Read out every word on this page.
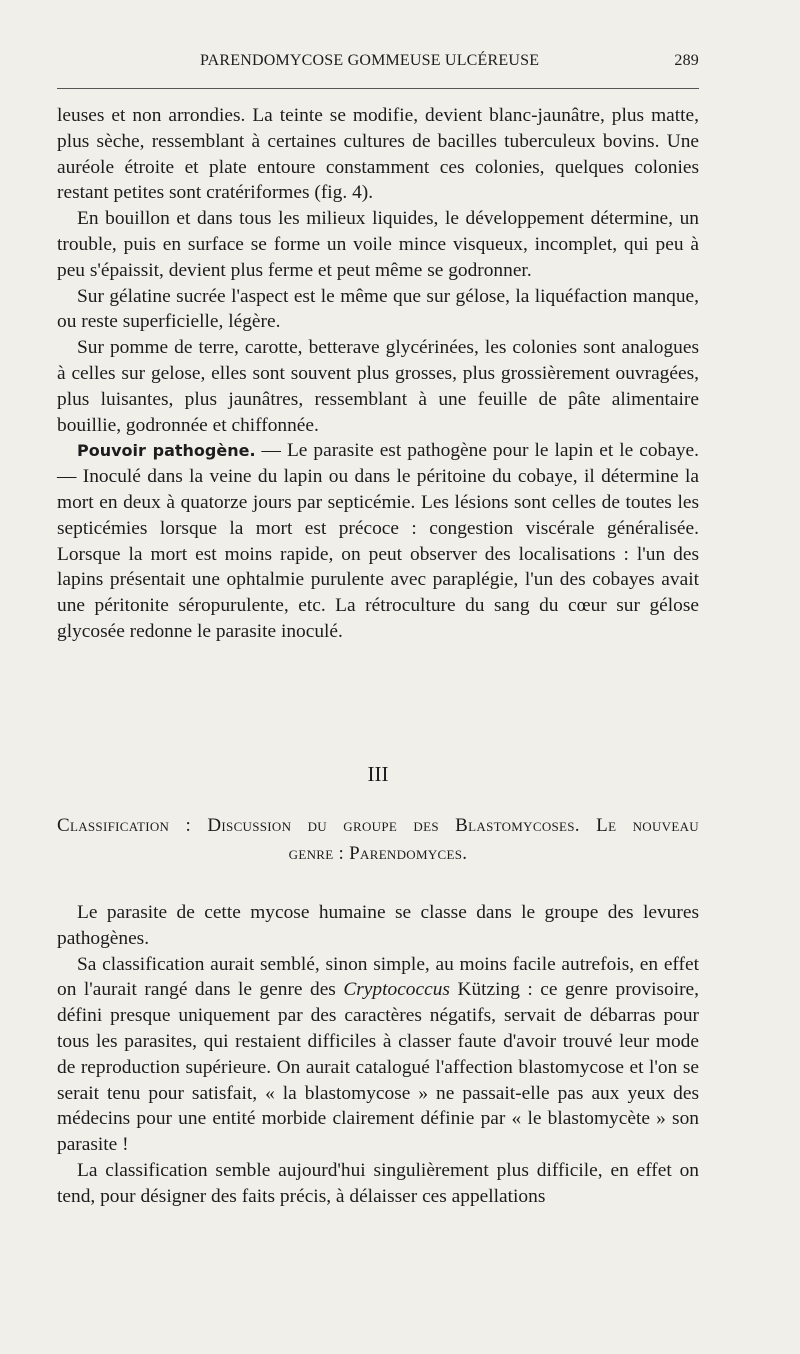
PARENDOMYCOSE GOMMEUSE ULCÉREUSE	289

leuses et non arrondies. La teinte se modifie, devient blanc-jaunâtre, plus matte, plus sèche, ressemblant à certaines cultures de bacilles tuberculeux bovins. Une auréole étroite et plate entoure constamment ces colonies, quelques colonies restant petites sont cratériformes (fig. 4).

En bouillon et dans tous les milieux liquides, le développement détermine, un trouble, puis en surface se forme un voile mince visqueux, incomplet, qui peu à peu s'épaissit, devient plus ferme et peut même se godronner.

Sur gélatine sucrée l'aspect est le même que sur gélose, la liquéfaction manque, ou reste superficielle, légère.

Sur pomme de terre, carotte, betterave glycérinées, les colonies sont analogues à celles sur gelose, elles sont souvent plus grosses, plus grossièrement ouvragées, plus luisantes, plus jaunâtres, ressemblant à une feuille de pâte alimentaire bouillie, godronnée et chiffonnée.

Pouvoir pathogène. — Le parasite est pathogène pour le lapin et le cobaye. — Inoculé dans la veine du lapin ou dans le péritoine du cobaye, il détermine la mort en deux à quatorze jours par septicémie. Les lésions sont celles de toutes les septicémies lorsque la mort est précoce : congestion viscérale généralisée. Lorsque la mort est moins rapide, on peut observer des localisations : l'un des lapins présentait une ophtalmie purulente avec paraplégie, l'un des cobayes avait une péritonite séropurulente, etc. La rétroculture du sang du cœur sur gélose glycosée redonne le parasite inoculé.

III
Classification : Discussion du groupe des Blastomycoses. Le nouveau
genre : Parendomyces.

Le parasite de cette mycose humaine se classe dans le groupe des levures pathogènes.

Sa classification aurait semblé, sinon simple, au moins facile autrefois, en effet on l'aurait rangé dans le genre des Cryptococcus Kützing : ce genre provisoire, défini presque uniquement par des caractères négatifs, servait de débarras pour tous les parasites, qui restaient difficiles à classer faute d'avoir trouvé leur mode de reproduction supérieure. On aurait catalogué l'affection blastomycose et l'on se serait tenu pour satisfait, « la blastomycose » ne passait-elle pas aux yeux des médecins pour une entité morbide clairement définie par « le blastomycète » son parasite !

La classification semble aujourd'hui singulièrement plus difficile, en effet on tend, pour désigner des faits précis, à délaisser ces appellations
